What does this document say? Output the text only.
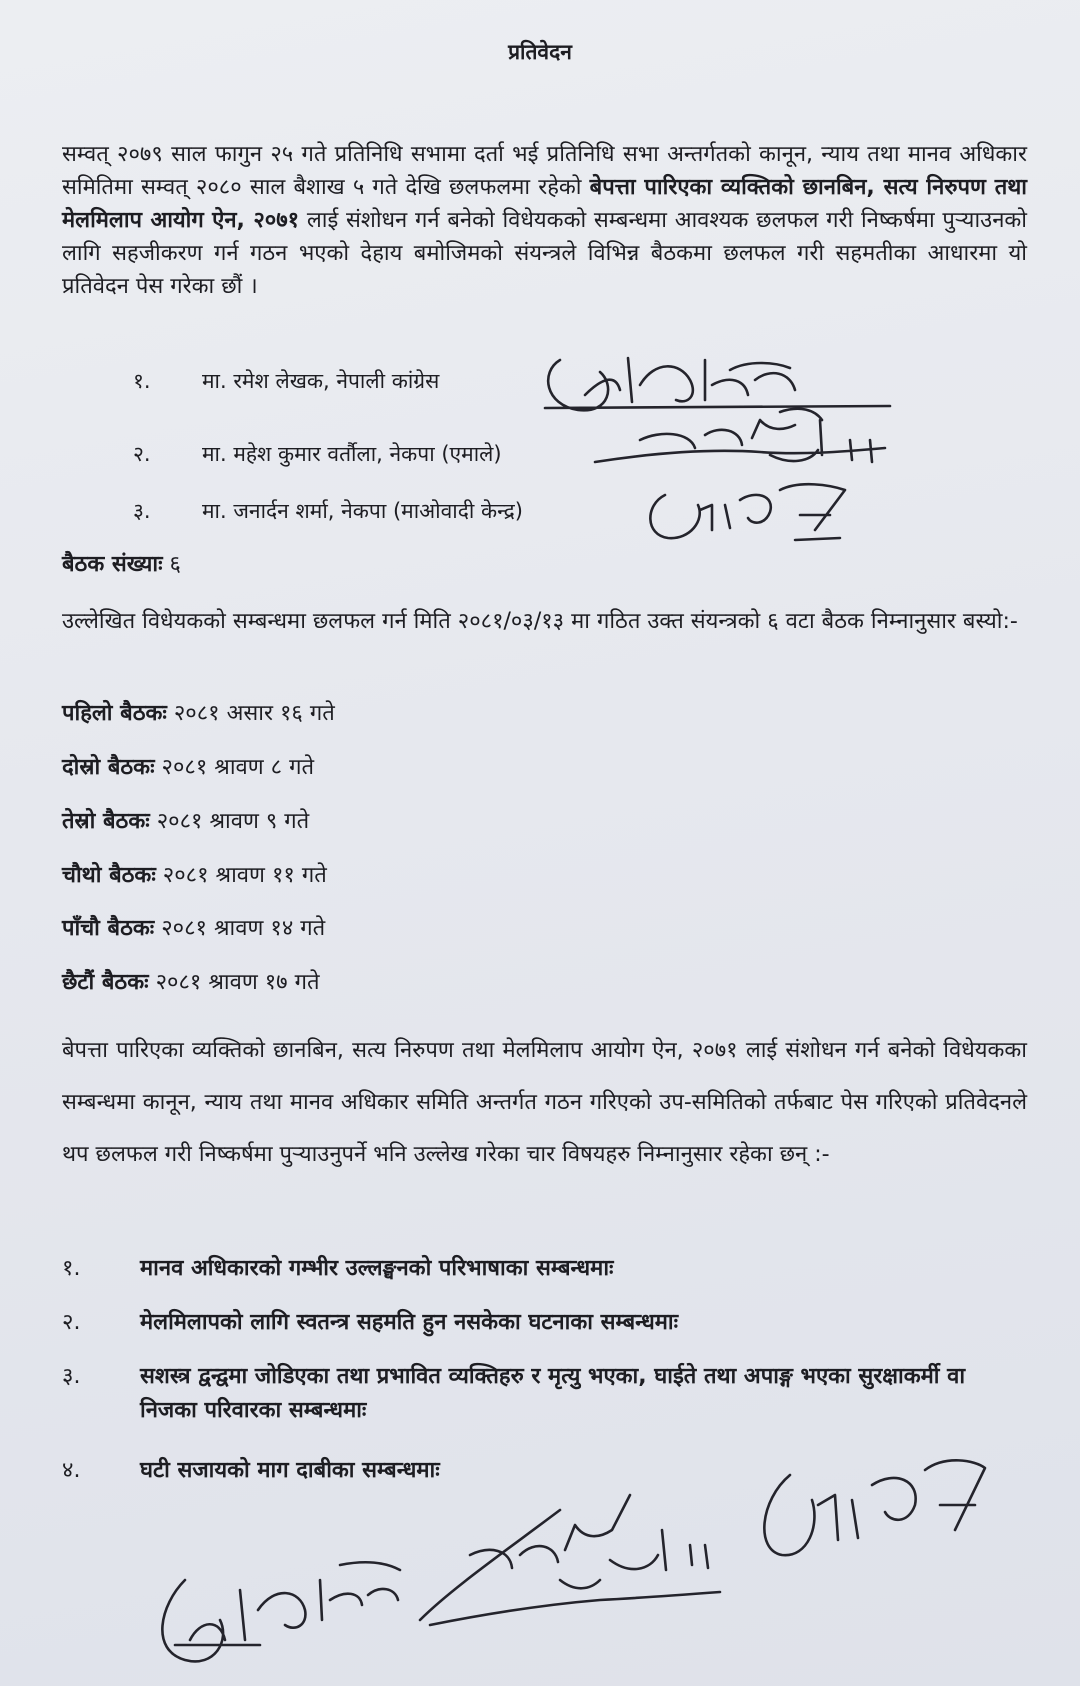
प्रतिवेदन
सम्वत् २०७९ साल फागुन २५ गते प्रतिनिधि सभामा दर्ता भई प्रतिनिधि सभा अन्तर्गतको कानून, न्याय तथा मानव अधिकार समितिमा सम्वत् २०८० साल बैशाख ५ गते देखि छलफलमा रहेको बेपत्ता पारिएका व्यक्तिको छानबिन, सत्य निरुपण तथा मेलमिलाप आयोग ऐन, २०७१ लाई संशोधन गर्न बनेको विधेयकको सम्बन्धमा आवश्यक छलफल गरी निष्कर्षमा पुऱ्याउनको लागि सहजीकरण गर्न गठन भएको देहाय बमोजिमको संयन्त्रले विभिन्न बैठकमा छलफल गरी सहमतीका आधारमा यो प्रतिवेदन पेस गरेका छौं ।
१. मा. रमेश लेखक, नेपाली कांग्रेस
२. मा. महेश कुमार वर्तौला, नेकपा (एमाले)
३. मा. जनार्दन शर्मा, नेकपा (माओवादी केन्द्र)
बैठक संख्याः ६
उल्लेखित विधेयकको सम्बन्धमा छलफल गर्न मिति २०८१/०३/१३ मा गठित उक्त संयन्त्रको ६ वटा बैठक निम्नानुसार बस्यो:-
पहिलो बैठकः २०८१ असार १६ गते
दोस्रो बैठकः २०८१ श्रावण ८ गते
तेस्रो बैठकः २०८१ श्रावण ९ गते
चौथो बैठकः २०८१ श्रावण ११ गते
पाँचौ बैठकः २०८१ श्रावण १४ गते
छैटौं बैठकः २०८१ श्रावण १७ गते
बेपत्ता पारिएका व्यक्तिको छानबिन, सत्य निरुपण तथा मेलमिलाप आयोग ऐन, २०७१ लाई संशोधन गर्न बनेको विधेयकका सम्बन्धमा कानून, न्याय तथा मानव अधिकार समिति अन्तर्गत गठन गरिएको उप-समितिको तर्फबाट पेस गरिएको प्रतिवेदनले थप छलफल गरी निष्कर्षमा पुऱ्याउनुपर्ने भनि उल्लेख गरेका चार विषयहरु निम्नानुसार रहेका छन् :-
१.	मानव अधिकारको गम्भीर उल्लङ्घनको परिभाषाका सम्बन्धमाः
२.	मेलमिलापको लागि स्वतन्त्र सहमति हुन नसकेका घटनाका सम्बन्धमाः
३.	सशस्त्र द्वन्द्वमा जोडिएका तथा प्रभावित व्यक्तिहरु र मृत्यु भएका, घाईते तथा अपाङ्ग भएका सुरक्षाकर्मी वा निजका परिवारका सम्बन्धमाः
४.	घटी सजायको माग दाबीका सम्बन्धमाः
